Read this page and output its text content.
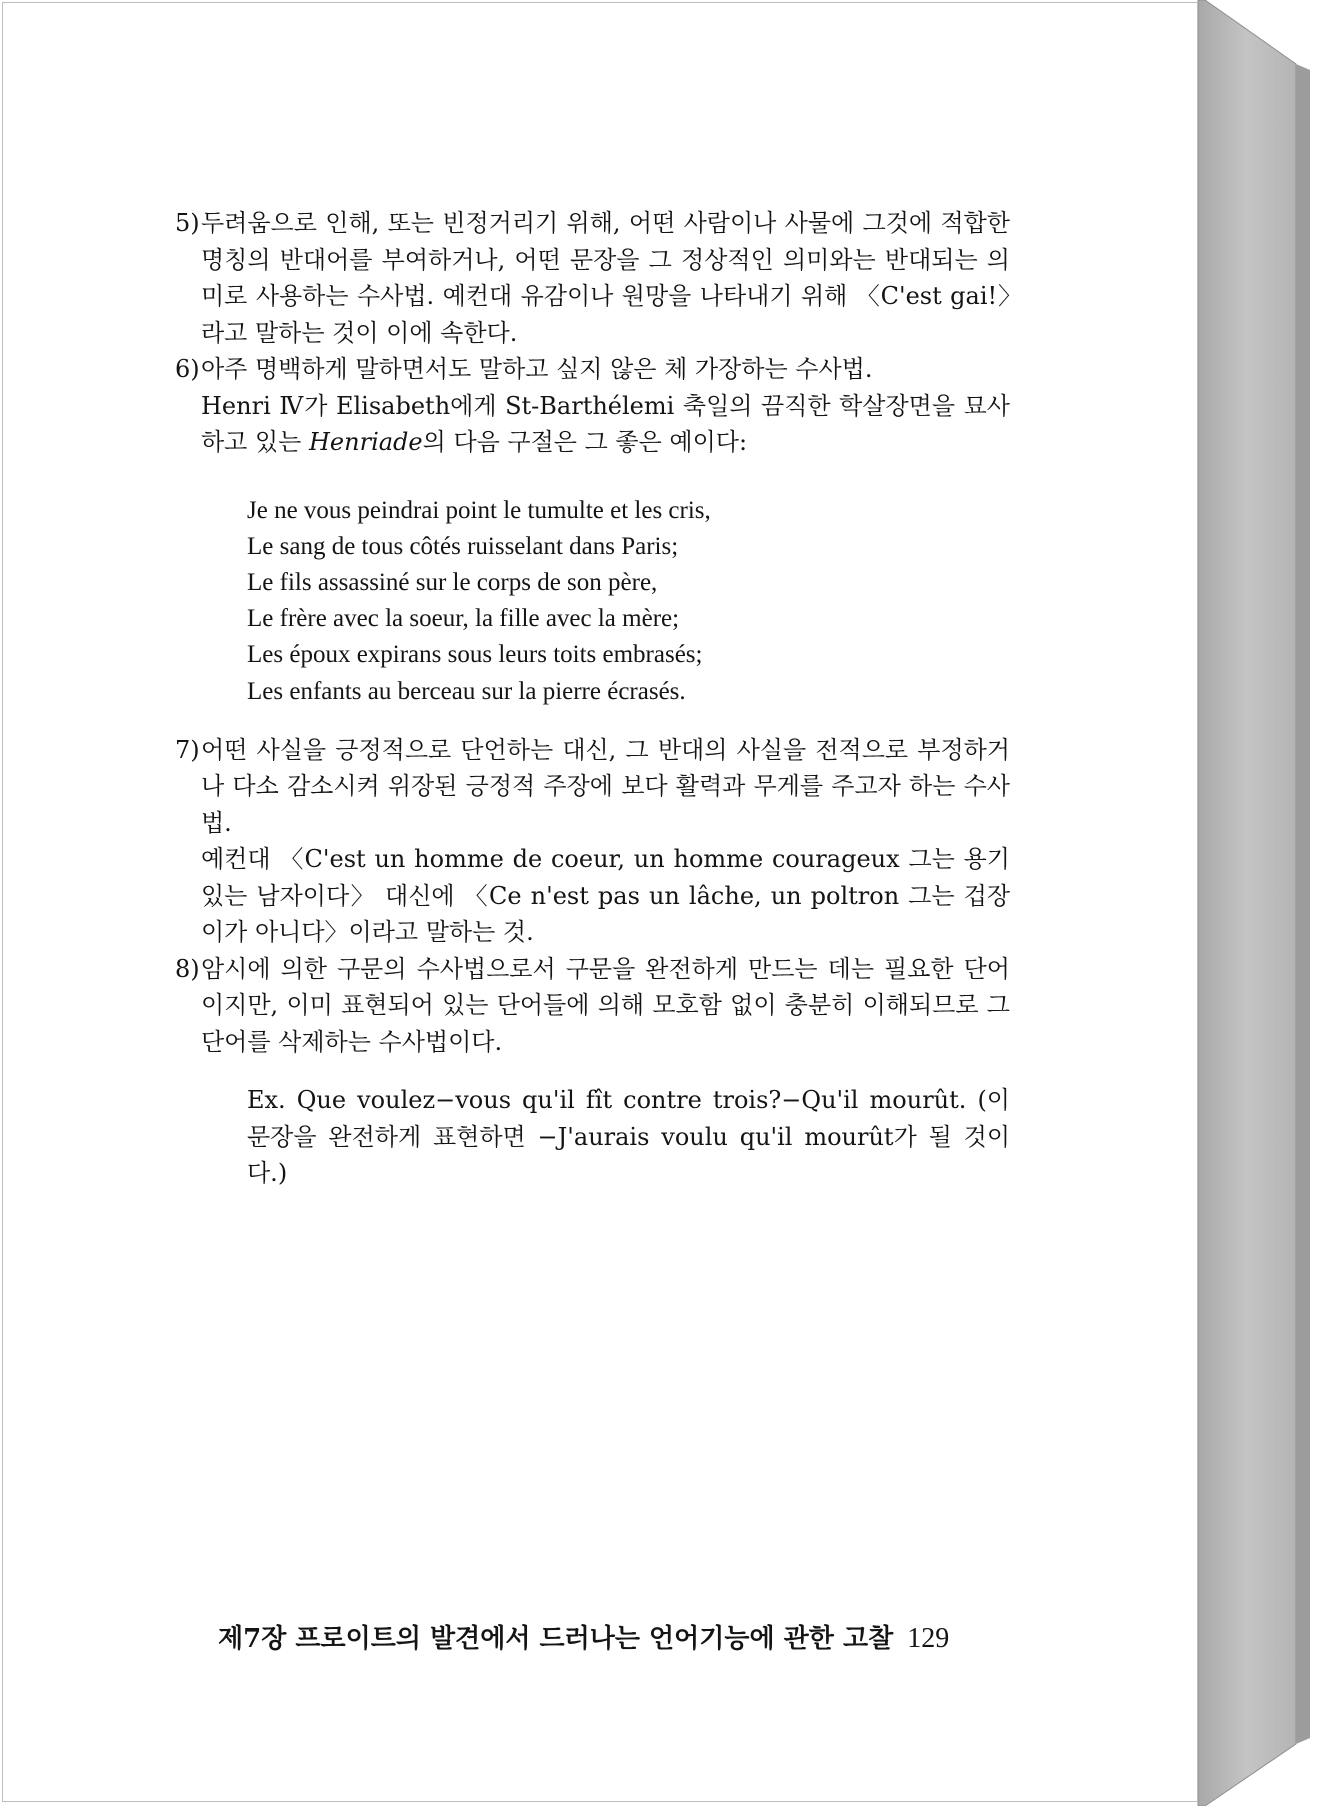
5) 두려움으로 인해, 또는 빈정거리기 위해, 어떤 사람이나 사물에 그것에 적합한 명칭의 반대어를 부여하거나, 어떤 문장을 그 정상적인 의미와는 반대되는 의미로 사용하는 수사법. 예컨대 유감이나 원망을 나타내기 위해 〈C'est gai!〉라고 말하는 것이 이에 속한다.
6) 아주 명백하게 말하면서도 말하고 싶지 않은 체 가장하는 수사법.
Henri Ⅳ가 Elisabeth에게 St-Barthélemi 축일의 끔직한 학살장면을 묘사하고 있는 Henriade의 다음 구절은 그 좋은 예이다:
Je ne vous peindrai point le tumulte et les cris,
Le sang de tous côtés ruisselant dans Paris;
Le fils assassiné sur le corps de son père,
Le frère avec la soeur, la fille avec la mère;
Les époux expirans sous leurs toits embrasés;
Les enfants au berceau sur la pierre écrasés.
7) 어떤 사실을 긍정적으로 단언하는 대신, 그 반대의 사실을 전적으로 부정하거나 다소 감소시켜 위장된 긍정적 주장에 보다 활력과 무게를 주고자 하는 수사법.
예컨대 〈C'est un homme de coeur, un homme courageux 그는 용기 있는 남자이다〉 대신에 〈Ce n'est pas un lâche, un poltron 그는 겁장이가 아니다〉이라고 말하는 것.
8) 암시에 의한 구문의 수사법으로서 구문을 완전하게 만드는 데는 필요한 단어이지만, 이미 표현되어 있는 단어들에 의해 모호함 없이 충분히 이해되므로 그 단어를 삭제하는 수사법이다.
Ex. Que voulez−vous qu'il fît contre trois?−Qu'il mourût. (이 문장을 완전하게 표현하면 −J'aurais voulu qu'il mourût가 될 것이다.)
제7장 프로이트의 발견에서 드러나는 언어기능에 관한 고찰 129
